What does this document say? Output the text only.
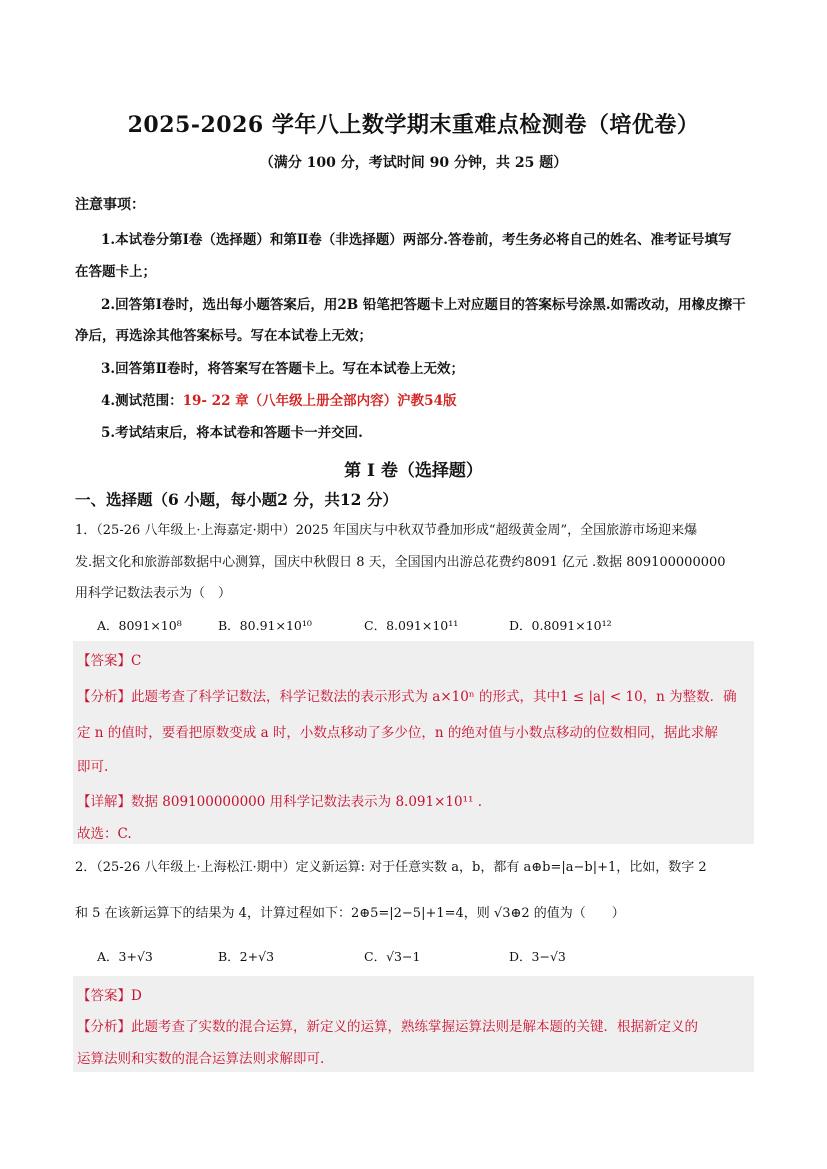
2025-2026 学年八上数学期末重难点检测卷（培优卷）
（满分 100 分，考试时间 90 分钟，共 25 题）
注意事项：
1.本试卷分第Ⅰ卷（选择题）和第Ⅱ卷（非选择题）两部分.答卷前，考生务必将自己的姓名、准考证号填写
在答题卡上；
2.回答第Ⅰ卷时，选出每小题答案后，用2B 铅笔把答题卡上对应题目的答案标号涂黑.如需改动，用橡皮擦干
净后，再选涂其他答案标号。写在本试卷上无效；
3.回答第Ⅱ卷时，将答案写在答题卡上。写在本试卷上无效；
4.测试范围：19- 22 章（八年级上册全部内容）沪教54版
5.考试结束后，将本试卷和答题卡一并交回.
第 I 卷（选择题）
一、选择题（6 小题，每小题2 分，共12 分）
1．（25-26 八年级上·上海嘉定·期中）2025 年国庆与中秋双节叠加形成“超级黄金周”，全国旅游市场迎来爆
发.据文化和旅游部数据中心测算，国庆中秋假日 8 天，全国国内出游总花费约8091 亿元 .数据 809100000000
用科学记数法表示为（　）
A．8091×10⁸	B．80.91×10¹⁰	C．8.091×10¹¹	D．0.8091×10¹²
【答案】C
【分析】此题考查了科学记数法，科学记数法的表示形式为 a×10ⁿ 的形式，其中1 ≤ |a| < 10，n 为整数．确
定 n 的值时，要看把原数变成 a 时，小数点移动了多少位，n 的绝对值与小数点移动的位数相同，据此求解
即可.
【详解】数据 809100000000 用科学记数法表示为 8.091×10¹¹ .
故选：C.
2．（25-26 八年级上·上海松江·期中）定义新运算: 对于任意实数 a，b，都有 a⊕b=|a−b|+1，比如，数字 2
和 5 在该新运算下的结果为 4，计算过程如下：2⊕5=|2−5|+1=4，则 √3⊕2 的值为（　　）
A．3+√3	B．2+√3	C．√3−1	D．3−√3
【答案】D
【分析】此题考查了实数的混合运算，新定义的运算，熟练掌握运算法则是解本题的关键．根据新定义的
运算法则和实数的混合运算法则求解即可.
